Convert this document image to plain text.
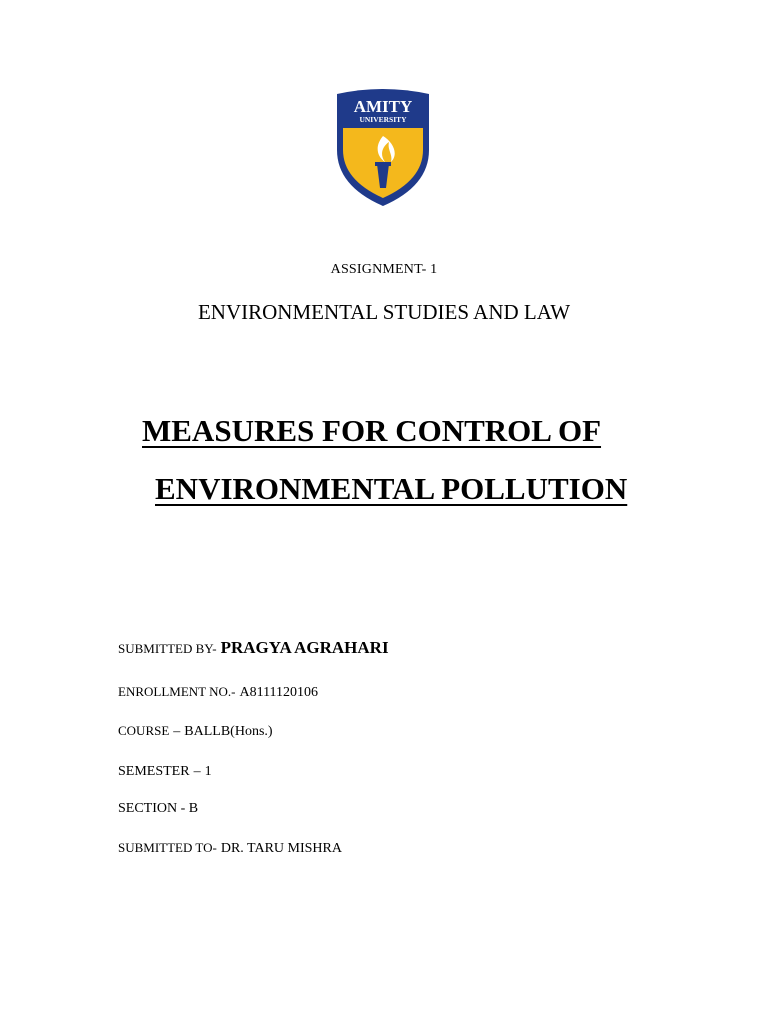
AMITY
UNIVERSITY
ASSIGNMENT- 1
ENVIRONMENTAL STUDIES AND LAW
MEASURES FOR CONTROL OF
ENVIRONMENTAL POLLUTION
SUBMITTED BY- PRAGYA AGRAHARI
ENROLLMENT NO.- A8111120106
COURSE – BALLB(Hons.)
SEMESTER – 1
SECTION - B
SUBMITTED TO- DR. TARU MISHRA
